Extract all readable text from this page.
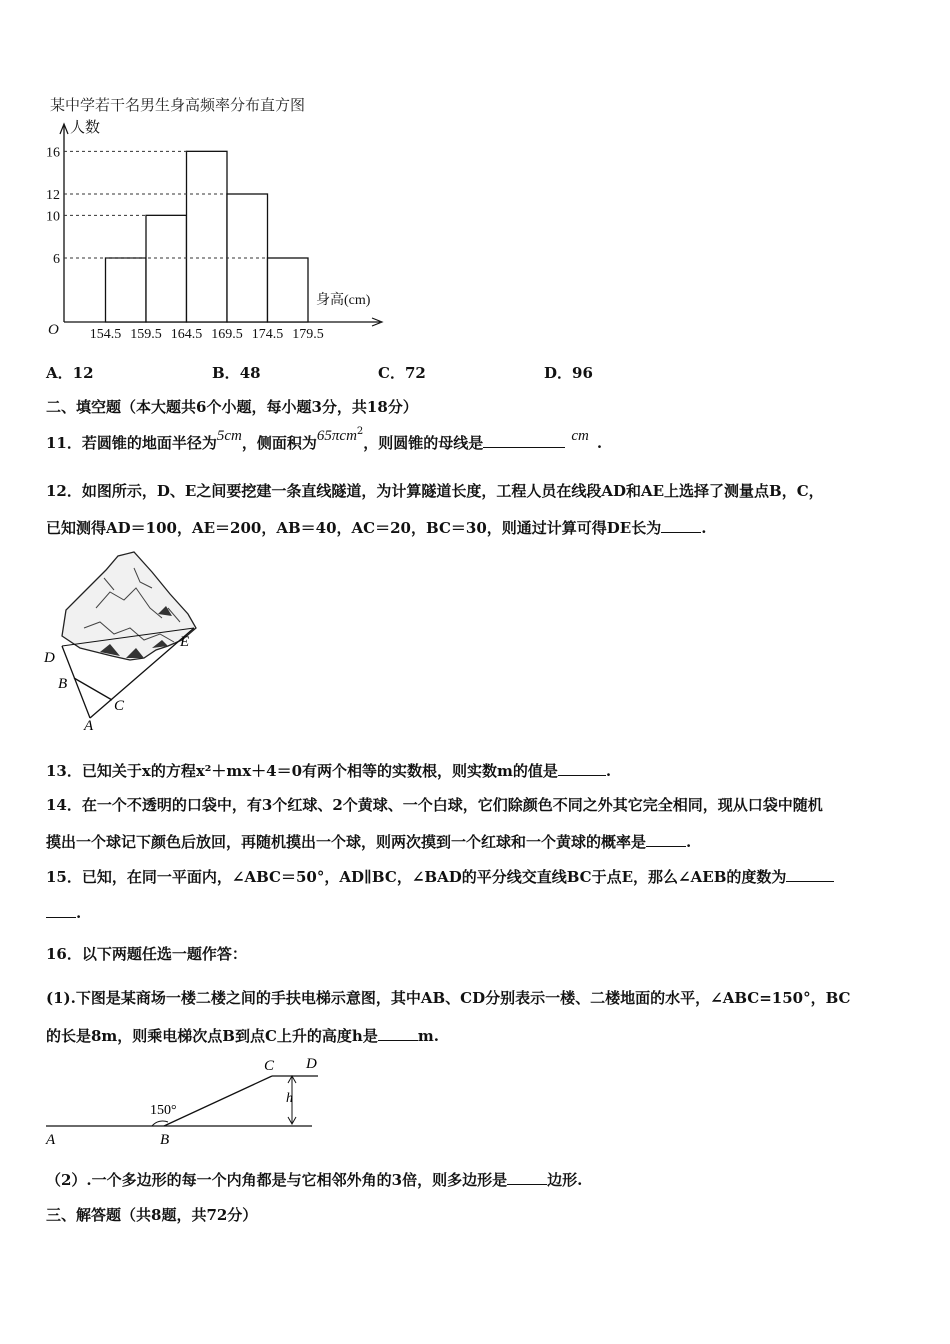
某中学若干名男生身高频率分布直方图
人数
身高(cm)
O
6
10
12
16
154.5 159.5 164.5 169.5 174.5 179.5
A．12	B．48	C．72	D．96
二、填空题（本大题共6个小题，每小题3分，共18分）
11．若圆锥的地面半径为5cm，侧面积为65πcm$^2$，则圆锥的母线是	cm .
12．如图所示，D、E之间要挖建一条直线隧道，为计算隧道长度，工程人员在线段AD和AE上选择了测量点B，C，
已知测得AD＝100，AE＝200，AB＝40，AC＝20，BC＝30，则通过计算可得DE长为	.
D
E
B
C
A
13．已知关于x的方程x²＋mx＋4＝0有两个相等的实数根，则实数m的值是	.
14．在一个不透明的口袋中，有3个红球、2个黄球、一个白球，它们除颜色不同之外其它完全相同，现从口袋中随机
摸出一个球记下颜色后放回，再随机摸出一个球，则两次摸到一个红球和一个黄球的概率是	.
15．已知，在同一平面内，∠ABC＝50°，AD∥BC，∠BAD的平分线交直线BC于点E，那么∠AEB的度数为
.
16．以下两题任选一题作答：
(1).下图是某商场一楼二楼之间的手扶电梯示意图，其中AB、CD分别表示一楼、二楼地面的水平，∠ABC=150°，BC
的长是8m，则乘电梯次点B到点C上升的高度h是	m.
150°
h
A	B
C D
（2）.一个多边形的每一个内角都是与它相邻外角的3倍，则多边形是	边形.
三、解答题（共8题，共72分）
